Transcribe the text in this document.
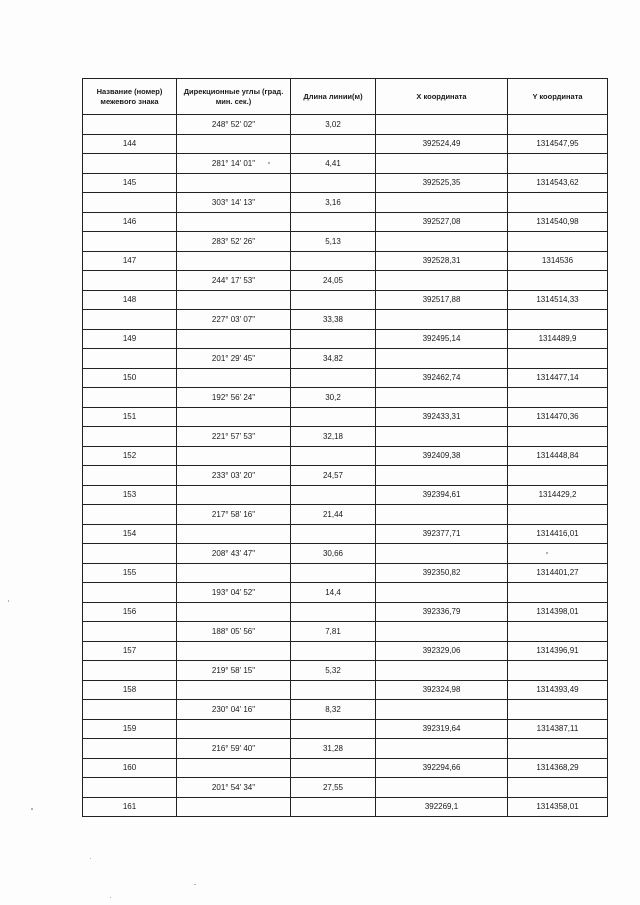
Название (номер) межевого знака	Дирекционные углы (град. мин. сек.)	Длина линии(м)	X координата	Y координата
	248° 52' 02"	3,02		
144			392524,49	1314547,95
	281° 14' 01"	4,41		
145			392525,35	1314543,62
	303° 14' 13"	3,16		
146			392527,08	1314540,98
	283° 52' 26"	5,13		
147			392528,31	1314536
	244° 17' 53"	24,05		
148			392517,88	1314514,33
	227° 03' 07"	33,38		
149			392495,14	1314489,9
	201° 29' 45"	34,82		
150			392462,74	1314477,14
	192° 56' 24"	30,2		
151			392433,31	1314470,36
	221° 57' 53"	32,18		
152			392409,38	1314448,84
	233° 03' 20"	24,57		
153			392394,61	1314429,2
	217° 58' 16"	21,44		
154			392377,71	1314416,01
	208° 43' 47"	30,66		
155			392350,82	1314401,27
	193° 04' 52"	14,4		
156			392336,79	1314398,01
	188° 05' 56"	7,81		
157			392329,06	1314396,91
	219° 58' 15"	5,32		
158			392324,98	1314393,49
	230° 04' 16"	8,32		
159			392319,64	1314387,11
	216° 59' 40"	31,28		
160			392294,66	1314368,29
	201° 54' 34"	27,55		
161			392269,1	1314358,01
